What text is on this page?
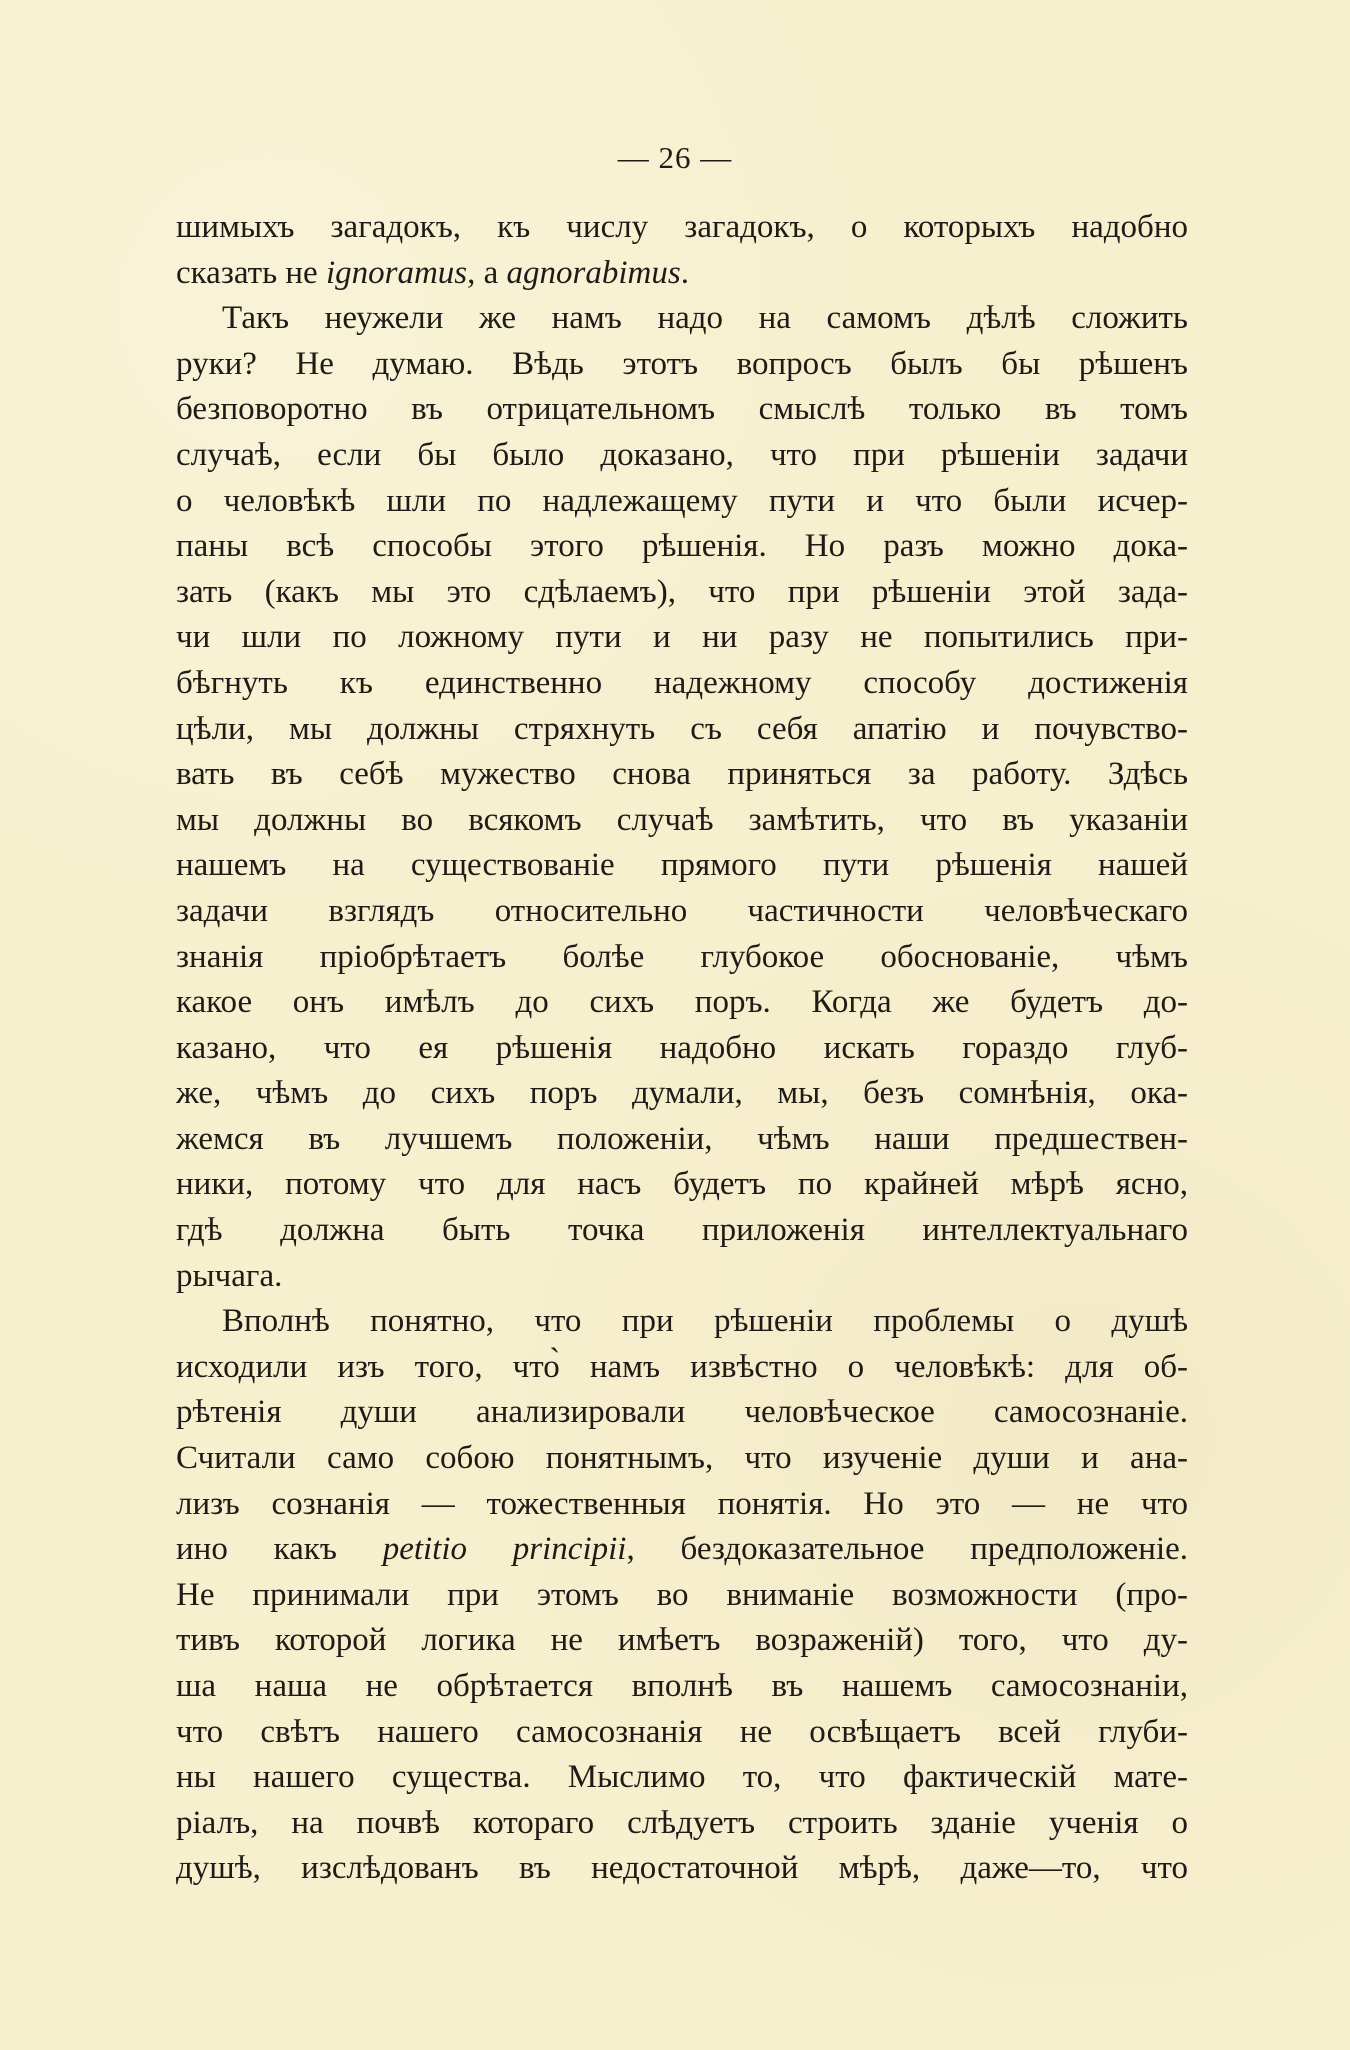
— 26 —
шимыхъ загадокъ, къ числу загадокъ, о которыхъ надобно
сказать не ignoramus, а agnorabimus.
Такъ неужели же намъ надо на самомъ дѣлѣ сложить
руки? Не думаю. Вѣдь этотъ вопросъ былъ бы рѣшенъ
безповоротно въ отрицательномъ смыслѣ только въ томъ
случаѣ, если бы было доказано, что при рѣшеніи задачи
о человѣкѣ шли по надлежащему пути и что были исчер-
паны всѣ способы этого рѣшенія. Но разъ можно дока-
зать (какъ мы это сдѣлаемъ), что при рѣшеніи этой зада-
чи шли по ложному пути и ни разу не попытились при-
бѣгнуть къ единственно надежному способу достиженія
цѣли, мы должны стряхнуть съ себя апатію и почувство-
вать въ себѣ мужество снова приняться за работу. Здѣсь
мы должны во всякомъ случаѣ замѣтить, что въ указаніи
нашемъ на существованіе прямого пути рѣшенія нашей
задачи взглядъ относительно частичности человѣческаго
знанія пріобрѣтаетъ болѣе глубокое обоснованіе, чѣмъ
какое онъ имѣлъ до сихъ поръ. Когда же будетъ до-
казано, что ея рѣшенія надобно искать гораздо глуб-
же, чѣмъ до сихъ поръ думали, мы, безъ сомнѣнія, ока-
жемся въ лучшемъ положеніи, чѣмъ наши предшествен-
ники, потому что для насъ будетъ по крайней мѣрѣ ясно,
гдѣ должна быть точка приложенія интеллектуальнаго
рычага.
Вполнѣ понятно, что при рѣшеніи проблемы о душѣ
исходили изъ того, что̀ намъ извѣстно о человѣкѣ: для об-
рѣтенія души анализировали человѣческое самосознаніе.
Считали само собою понятнымъ, что изученіе души и ана-
лизъ сознанія — тожественныя понятія. Но это — не что
ино какъ petitio principii, бездоказательное предположеніе.
Не принимали при этомъ во вниманіе возможности (про-
тивъ которой логика не имѣетъ возраженій) того, что ду-
ша наша не обрѣтается вполнѣ въ нашемъ самосознаніи,
что свѣтъ нашего самосознанія не освѣщаетъ всей глуби-
ны нашего существа. Мыслимо то, что фактическій мате-
ріалъ, на почвѣ котораго слѣдуетъ строить зданіе ученія о
душѣ, изслѣдованъ въ недостаточной мѣрѣ, даже—то, что
